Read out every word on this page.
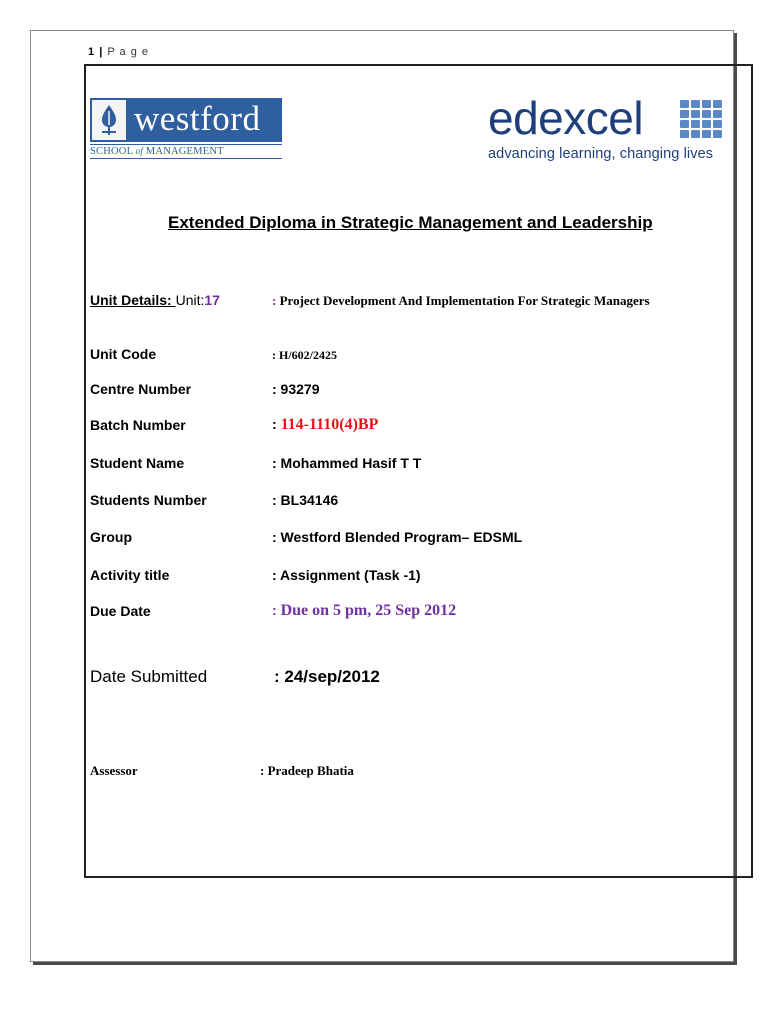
1 | P a g e
westford
SCHOOL of MANAGEMENT
edexcel
advancing learning, changing lives
Extended Diploma in Strategic Management and Leadership
Unit Details: Unit:17	: Project Development And Implementation For Strategic Managers
Unit Code	: H/602/2425
Centre Number	: 93279
Batch Number	: 114-1110(4)BP
Student Name	: Mohammed Hasif T T
Students Number	: BL34146
Group	: Westford Blended Program– EDSML
Activity title	: Assignment (Task -1)
Due Date	: Due on 5 pm, 25 Sep 2012
Date Submitted	: 24/sep/2012
Assessor	: Pradeep Bhatia
